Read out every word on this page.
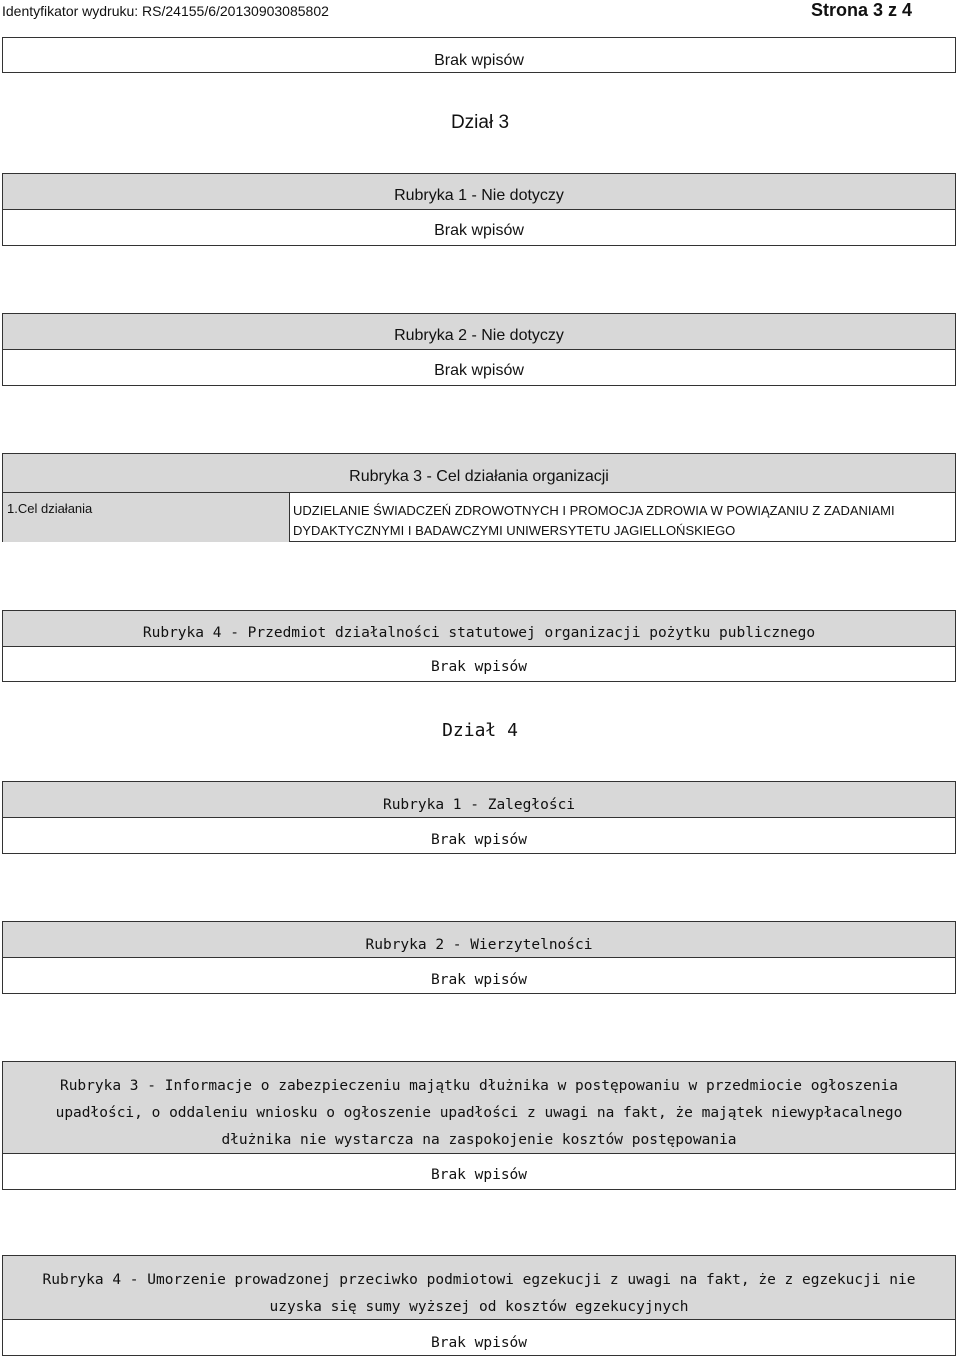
Identyfikator wydruku: RS/24155/6/20130903085802	Strona 3 z 4
Brak wpisów
Dział 3
Rubryka 1 - Nie dotyczy
Brak wpisów
Rubryka 2 - Nie dotyczy
Brak wpisów
Rubryka 3 - Cel działania organizacji
1.Cel działania	UDZIELANIE ŚWIADCZEŃ ZDROWOTNYCH I PROMOCJA ZDROWIA W POWIĄZANIU Z ZADANIAMI DYDAKTYCZNYMI I BADAWCZYMI UNIWERSYTETU JAGIELLOŃSKIEGO
Rubryka 4 - Przedmiot działalności statutowej organizacji pożytku publicznego
Brak wpisów
Dział 4
Rubryka 1 - Zaległości
Brak wpisów
Rubryka 2 - Wierzytelności
Brak wpisów
Rubryka 3 - Informacje o zabezpieczeniu majątku dłużnika w postępowaniu w przedmiocie ogłoszenia upadłości, o oddaleniu wniosku o ogłoszenie upadłości z uwagi na fakt, że majątek niewypłacalnego dłużnika nie wystarcza na zaspokojenie kosztów postępowania
Brak wpisów
Rubryka 4 - Umorzenie prowadzonej przeciwko podmiotowi egzekucji z uwagi na fakt, że z egzekucji nie uzyska się sumy wyższej od kosztów egzekucyjnych
Brak wpisów
